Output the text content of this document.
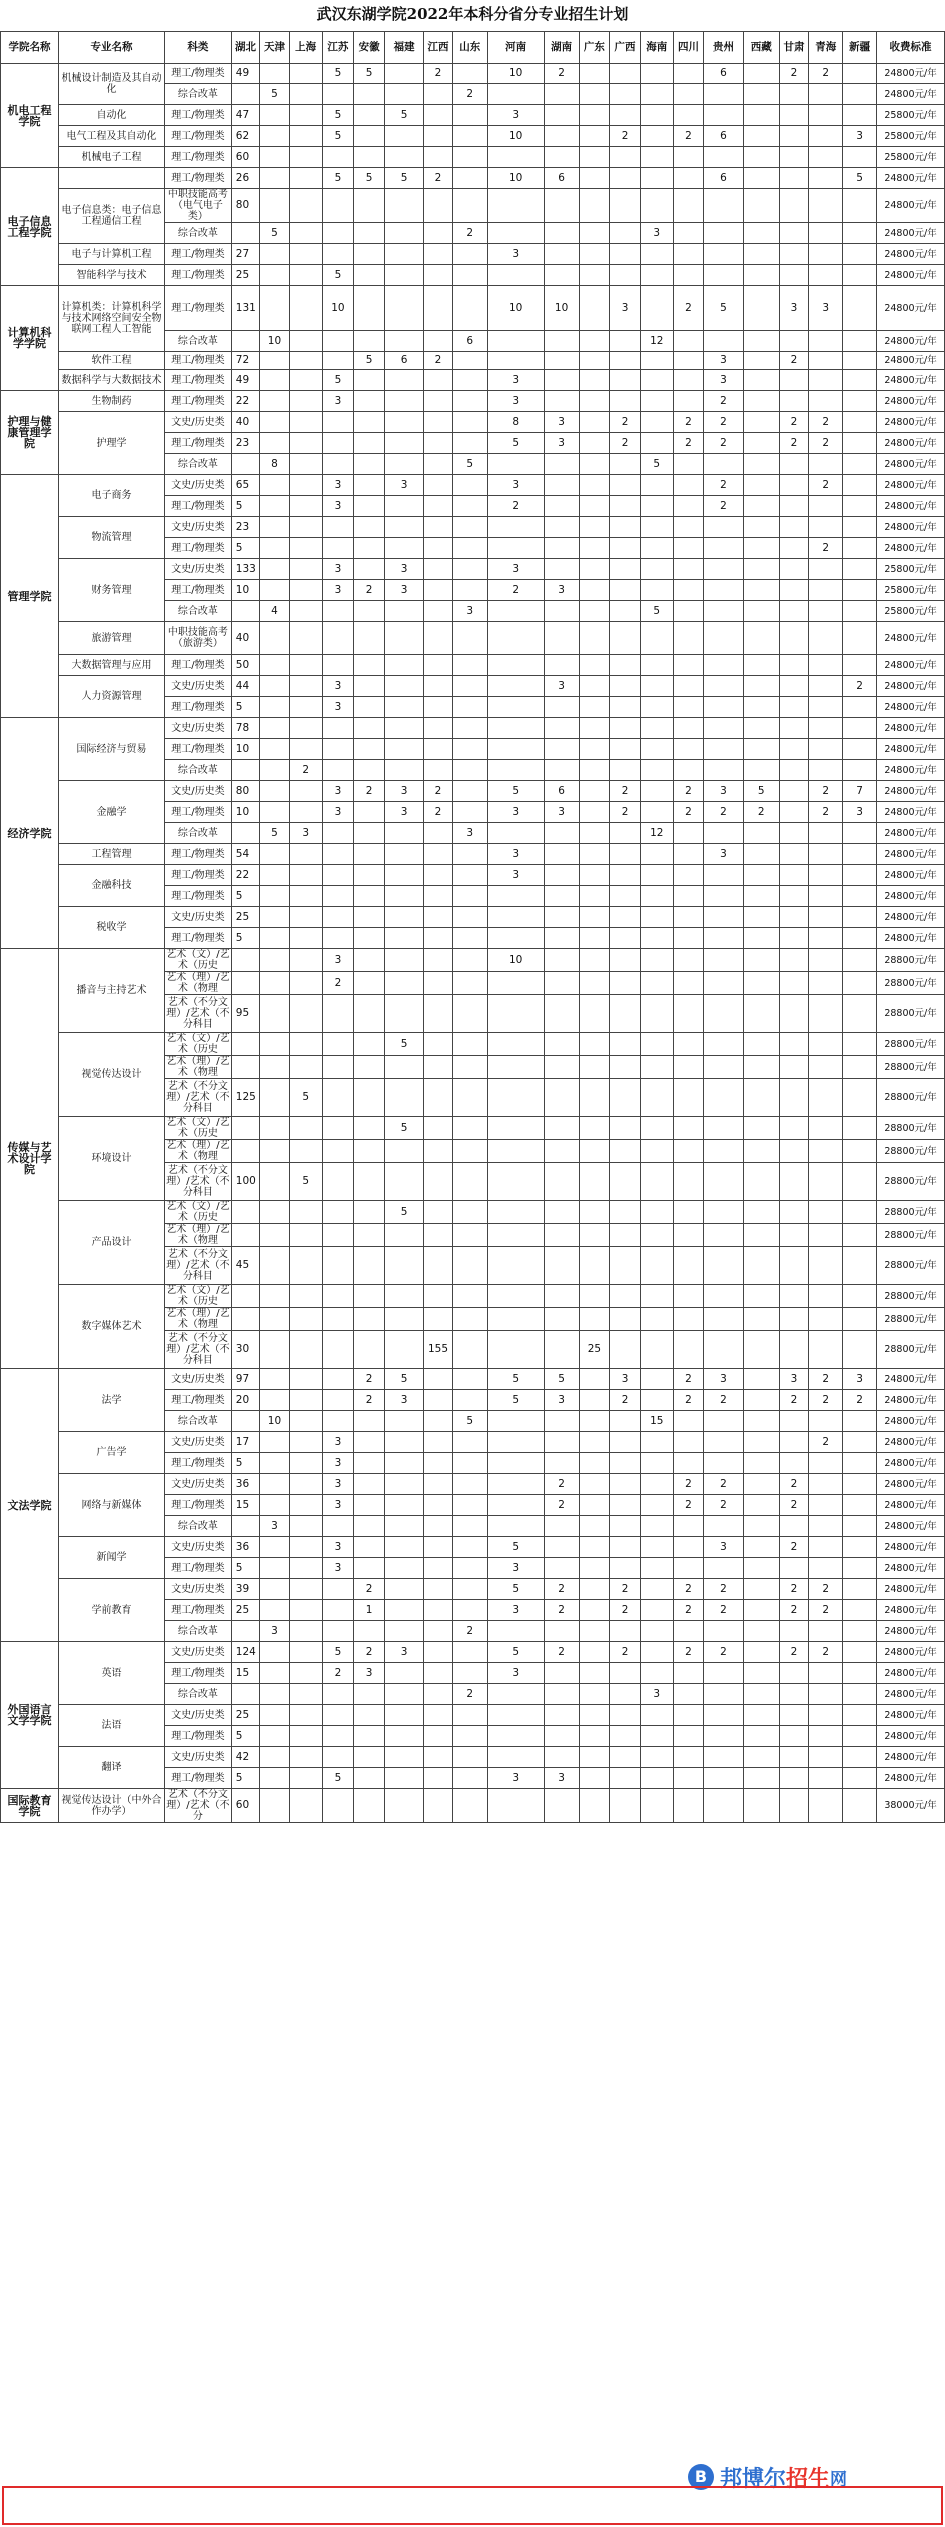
武汉东湖学院2022年本科分省分专业招生计划
学院名称	专业名称	科类	湖北	天津	上海	江苏	安徽	福建	江西	山东	河南	湖南	广东	广西	海南	四川	贵州	西藏	甘肃	青海	新疆	收费标准
机电工程学院	机械设计制造及其自动化	理工/物理类	49			5	5		2		10	2					6		2	2		24800元/年
		综合改革		5						2												24800元/年
	自动化	理工/物理类	47			5		5			3											25800元/年
	电气工程及其自动化	理工/物理类	62			5					10			2		2	6				3	25800元/年
	机械电子工程	理工/物理类	60																			25800元/年
电子信息工程学院		理工/物理类	26			5	5	5	2		10	6					6				5	24800元/年
	电子信息类：电子信息工程通信工程	中职技能高考（电气电子类）	80																			24800元/年
		综合改革		5						2					3							24800元/年
	电子与计算机工程	理工/物理类	27								3											24800元/年
	智能科学与技术	理工/物理类	25			5																24800元/年
计算机科学学院	计算机类：计算机科学与技术网络空间安全物联网工程人工智能	理工/物理类	131			10					10	10		3		2	5		3	3		24800元/年
		综合改革		10						6					12							24800元/年
	软件工程	理工/物理类	72				5	6	2								3		2			24800元/年
	数据科学与大数据技术	理工/物理类	49			5					3						3					24800元/年
护理与健康管理学院	生物制药	理工/物理类	22			3					3						2					24800元/年
	护理学	文史/历史类	40								8	3		2		2	2		2	2		24800元/年
		理工/物理类	23								5	3		2		2	2		2	2		24800元/年
		综合改革		8						5					5							24800元/年
管理学院	电子商务	文史/历史类	65			3		3			3						2			2		24800元/年
		理工/物理类	5			3					2						2					24800元/年
	物流管理	文史/历史类	23																			24800元/年
		理工/物理类	5																	2		24800元/年
	财务管理	文史/历史类	133			3		3			3											25800元/年
		理工/物理类	10			3	2	3			2	3										25800元/年
		综合改革		4						3					5							25800元/年
	旅游管理	中职技能高考（旅游类）	40																			24800元/年
	大数据管理与应用	理工/物理类	50																			24800元/年
	人力资源管理	文史/历史类	44			3						3									2	24800元/年
		理工/物理类	5			3																24800元/年
经济学院	国际经济与贸易	文史/历史类	78																			24800元/年
		理工/物理类	10																			24800元/年
		综合改革			2																	24800元/年
	金融学	文史/历史类	80			3	2	3	2		5	6		2		2	3	5		2	7	24800元/年
		理工/物理类	10			3		3	2		3	3		2		2	2	2		2	3	24800元/年
		综合改革		5	3					3					12							24800元/年
	工程管理	理工/物理类	54								3						3					24800元/年
	金融科技	理工/物理类	22								3											24800元/年
		理工/物理类	5																			24800元/年
	税收学	文史/历史类	25																			24800元/年
		理工/物理类	5																			24800元/年
传媒与艺术设计学院	播音与主持艺术	艺术（文）/艺术（历史				3					10											28800元/年
		艺术（理）/艺术（物理				2																28800元/年
		艺术（不分文理）/艺术（不分科目	95																			28800元/年
	视觉传达设计	艺术（文）/艺术（历史						5														28800元/年
		艺术（理）/艺术（物理																				28800元/年
		艺术（不分文理）/艺术（不分科目	125		5																	28800元/年
	环境设计	艺术（文）/艺术（历史						5														28800元/年
		艺术（理）/艺术（物理																				28800元/年
		艺术（不分文理）/艺术（不分科目	100		5																	28800元/年
	产品设计	艺术（文）/艺术（历史						5														28800元/年
		艺术（理）/艺术（物理																				28800元/年
		艺术（不分文理）/艺术（不分科目	45																			28800元/年
	数字媒体艺术	艺术（文）/艺术（历史																				28800元/年
		艺术（理）/艺术（物理																				28800元/年
		艺术（不分文理）/艺术（不分科目	30						155				25									28800元/年
文法学院	法学	文史/历史类	97				2	5			5	5		3		2	3		3	2	3	24800元/年
		理工/物理类	20				2	3			5	3		2		2	2		2	2	2	24800元/年
		综合改革		10						5					15							24800元/年
	广告学	文史/历史类	17			3														2		24800元/年
		理工/物理类	5			3																24800元/年
	网络与新媒体	文史/历史类	36			3						2				2	2		2			24800元/年
		理工/物理类	15			3						2				2	2		2			24800元/年
		综合改革		3																		24800元/年
	新闻学	文史/历史类	36			3					5						3		2			24800元/年
		理工/物理类	5			3					3											24800元/年
	学前教育	文史/历史类	39				2				5	2		2		2	2		2	2		24800元/年
		理工/物理类	25				1				3	2		2		2	2		2	2		24800元/年
		综合改革		3						2												24800元/年
外国语言文学学院	英语	文史/历史类	124			5	2	3			5	2		2		2	2		2	2		24800元/年
		理工/物理类	15			2	3				3											24800元/年
		综合改革								2					3							24800元/年
	法语	文史/历史类	25																			24800元/年
		理工/物理类	5																			24800元/年
	翻译	文史/历史类	42																			24800元/年
		理工/物理类	5			5					3	3										24800元/年
国际教育学院	视觉传达设计（中外合作办学）	艺术（不分文理）/艺术（不分	60																			38000元/年
B 邦博尔 招生 网
